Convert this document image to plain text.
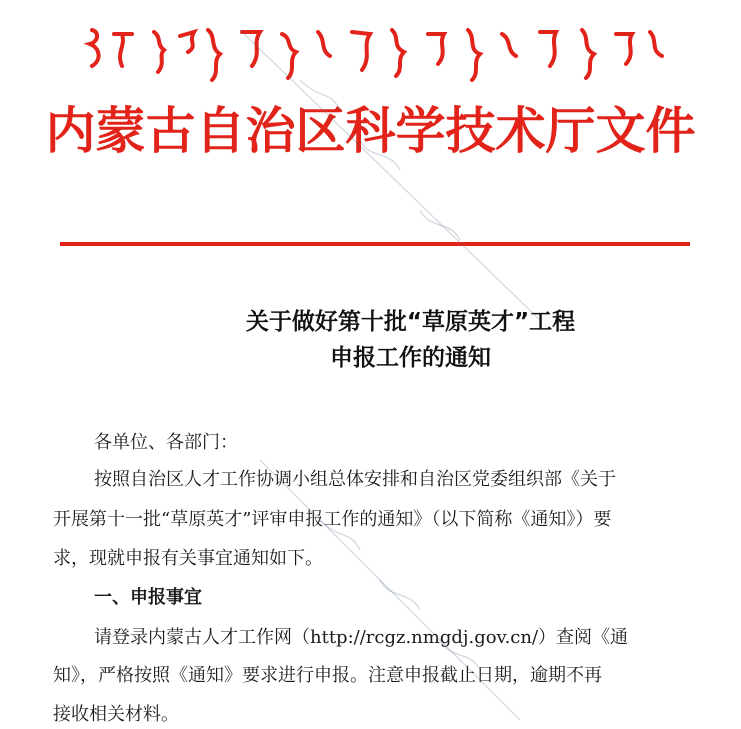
内蒙古自治区科学技术厅文件
关于做好第十批“草原英才”工程
申报工作的通知
各单位、各部门：
按照自治区人才工作协调小组总体安排和自治区党委组织部《关于
开展第十一批“草原英才”评审申报工作的通知》（以下简称《通知》）要
求，现就申报有关事宜通知如下。
一、申报事宜
请登录内蒙古人才工作网（http://rcgz.nmgdj.gov.cn/）查阅《通
知》，严格按照《通知》要求进行申报。注意申报截止日期，逾期不再
接收相关材料。
